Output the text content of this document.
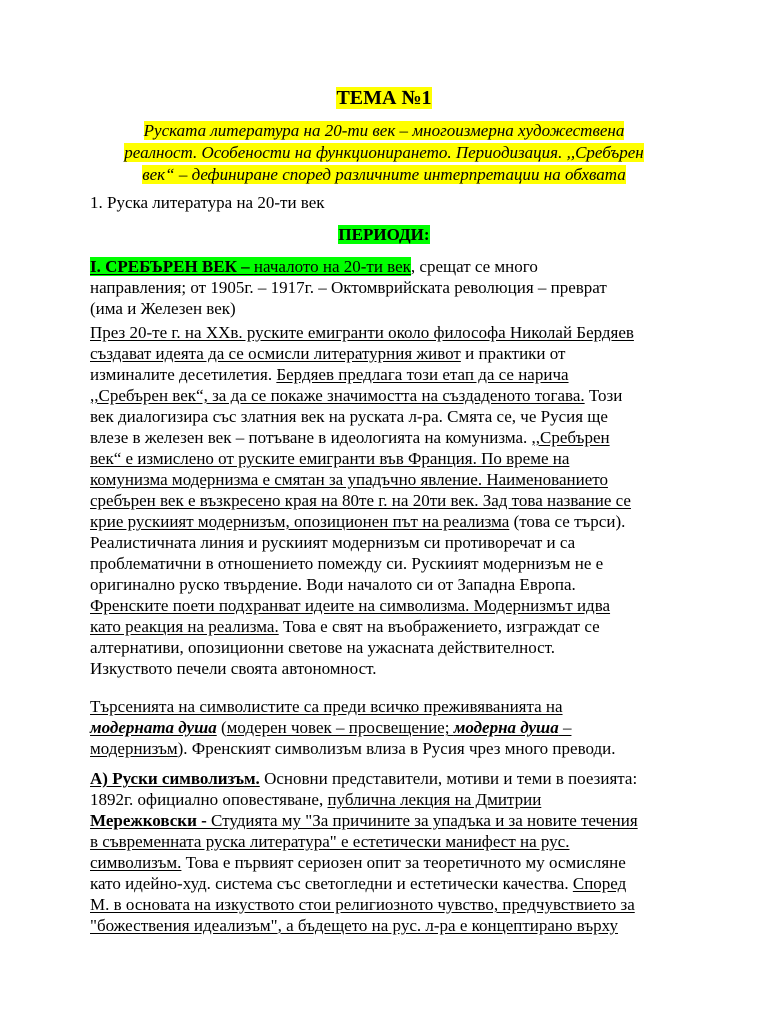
ТЕМА №1
Руската литература на 20-ти век – многоизмерна художествена
реалност. Особености на функционирането. Периодизация. ,,Сребърен
век“ – дефиниране според различните интерпретации на обхвата
1. Руска литература на 20-ти век
ПЕРИОДИ:
I. СРЕБЪРЕН ВЕК – началото на 20-ти век, срещат се много
направления; от 1905г. – 1917г. – Октомврийската революция – преврат
(има и Железен век)
През 20-те г. на XXв. руските емигранти около философа Николай Бердяев
създават идеята да се осмисли литературния живот и практики от
изминалите десетилетия. Бердяев предлага този етап да се нарича
,,Сребърен век“, за да се покаже значимостта на създаденото тогава. Този
век диалогизира със златния век на руската л-ра. Смята се, че Русия ще
влезе в железен век – потъване в идеологията на комунизма. ,,Сребърен
век“ е измислено от руските емигранти във Франция. По време на
комунизма модернизма е смятан за упадъчно явление. Наименованието
сребърен век е възкресено края на 80те г. на 20ти век. Зад това название се
крие рускиият модернизъм, опозиционен път на реализма (това се търси).
Реалистичната линия и рускиият модернизъм си противоречат и са
проблематични в отношението помежду си. Рускиият модернизъм не е
оригинално руско твърдение. Води началото си от Западна Европа.
Френските поети подхранват идеите на символизма. Модернизмът идва
като реакция на реализма. Това е свят на въображението, изграждат се
алтернативи, опозиционни светове на ужасната действителност.
Изкуството печели своята автономност.
Търсенията на символистите са преди всичко преживяванията на
модерната душа (модерен човек – просвещение; модерна душа –
модернизъм). Френският символизъм влиза в Русия чрез много преводи.
А) Руски символизъм. Основни представители, мотиви и теми в поезията:
1892г. официално оповестяване, публична лекция на Дмитрии
Мережковски - Студията му "За причините за упадъка и за новите течения
в съвременната руска литература" е естетически манифест на рус.
символизъм. Това е първият сериозен опит за теоретичното му осмисляне
като идейно-худ. система със светогледни и естетически качества. Според
М. в основата на изкуството стои религиозното чувство, предчувствието за
"божествения идеализъм", а бъдещето на рус. л-ра е концептирано върху
